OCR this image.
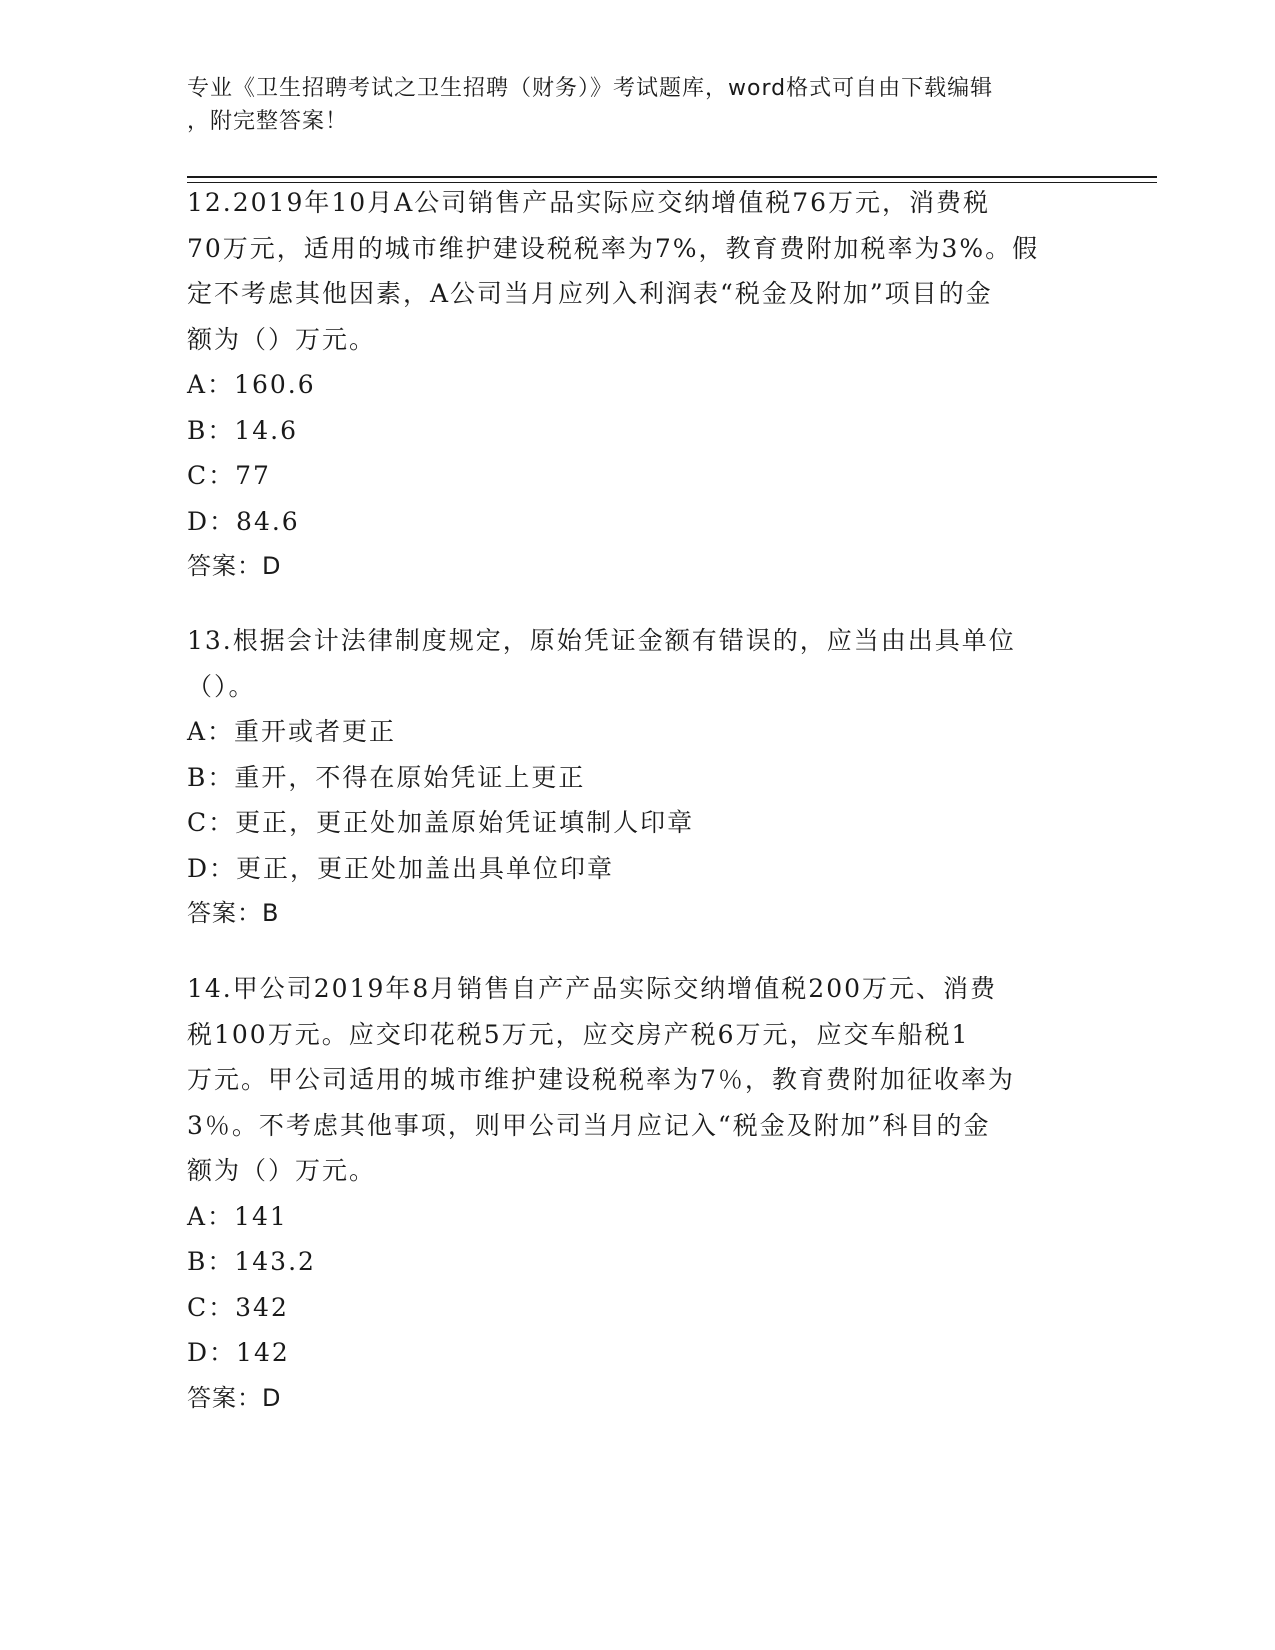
专业《卫生招聘考试之卫生招聘（财务）》考试题库，word格式可自由下载编辑
，附完整答案！

12.2019年10月A公司销售产品实际应交纳增值税76万元，消费税

70万元，适用的城市维护建设税税率为7%，教育费附加税率为3%。假

定不考虑其他因素，A公司当月应列入利润表“税金及附加”项目的金

额为（）万元。

A：160.6

B：14.6

C：77

D：84.6

答案：D

13.根据会计法律制度规定，原始凭证金额有错误的，应当由出具单位

（）。

A：重开或者更正

B：重开，不得在原始凭证上更正

C：更正，更正处加盖原始凭证填制人印章

D：更正，更正处加盖出具单位印章

答案：B

14.甲公司2019年8月销售自产产品实际交纳增值税200万元、消费

税100万元。应交印花税5万元，应交房产税6万元，应交车船税1

万元。甲公司适用的城市维护建设税税率为7％，教育费附加征收率为

3％。不考虑其他事项，则甲公司当月应记入“税金及附加”科目的金

额为（）万元。

A：141

B：143.2

C：342

D：142

答案：D
